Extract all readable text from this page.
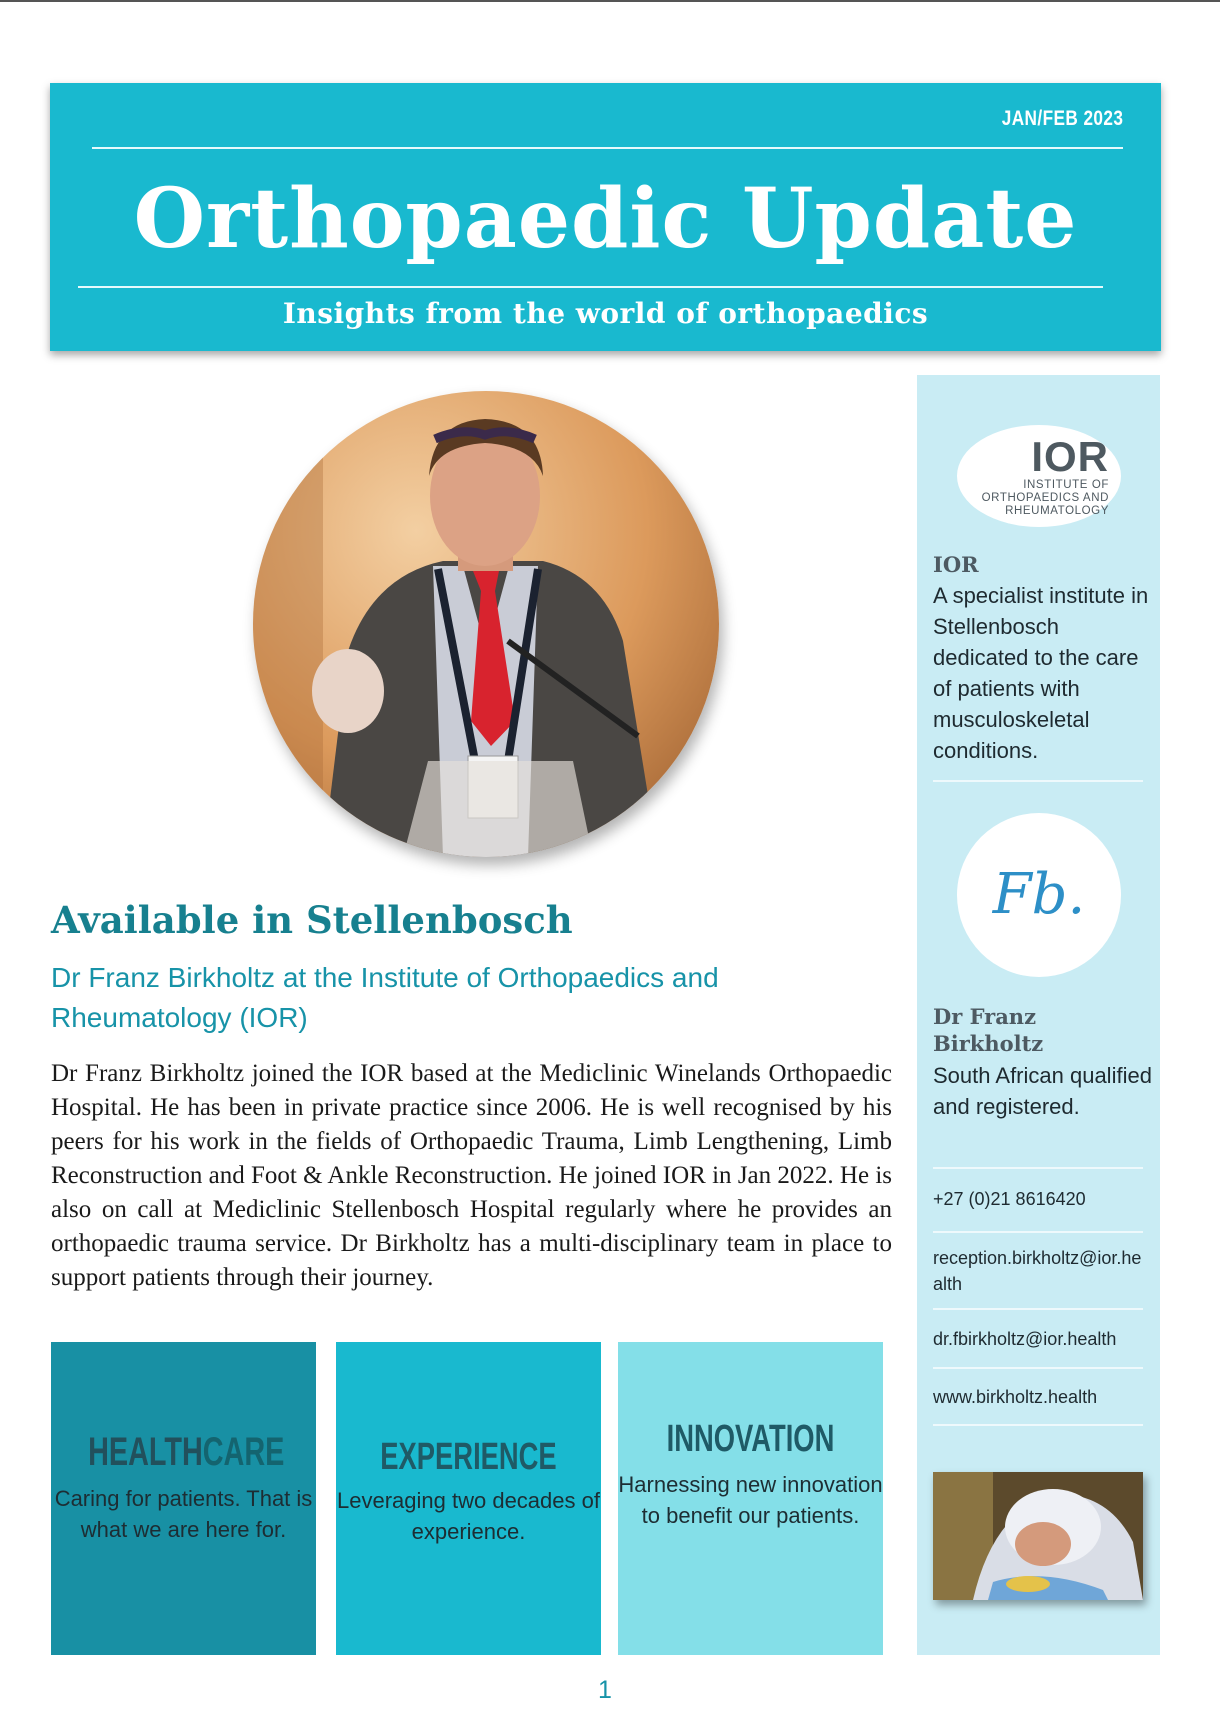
JAN/FEB 2023
Orthopaedic Update
Insights from the world of orthopaedics
Available in Stellenbosch
Dr Franz Birkholtz at the Institute of Orthopaedics and Rheumatology (IOR)

Dr Franz Birkholtz joined the IOR based at the Mediclinic Winelands Orthopaedic Hospital. He has been in private practice since 2006. He is well recognised by his peers for his work in the fields of Orthopaedic Trauma, Limb Lengthening, Limb Reconstruction and Foot & Ankle Reconstruction. He joined IOR in Jan 2022. He is also on call at Mediclinic Stellenbosch Hospital regularly where he provides an orthopaedic trauma service. Dr Birkholtz has a multi-disciplinary team in place to support patients through their journey.

HEALTHCARE
Caring for patients. That is what we are here for.
EXPERIENCE
Leveraging two decades of experience.
INNOVATION
Harnessing new innovation to benefit our patients.
1
IOR
INSTITUTE OF ORTHOPAEDICS AND RHEUMATOLOGY
IOR
A specialist institute in Stellenbosch dedicated to the care of patients with musculoskeletal conditions.
Fb.
Dr Franz Birkholtz
South African qualified and registered.
+27 (0)21 8616420
reception.birkholtz@ior.health
dr.fbirkholtz@ior.health
www.birkholtz.health
